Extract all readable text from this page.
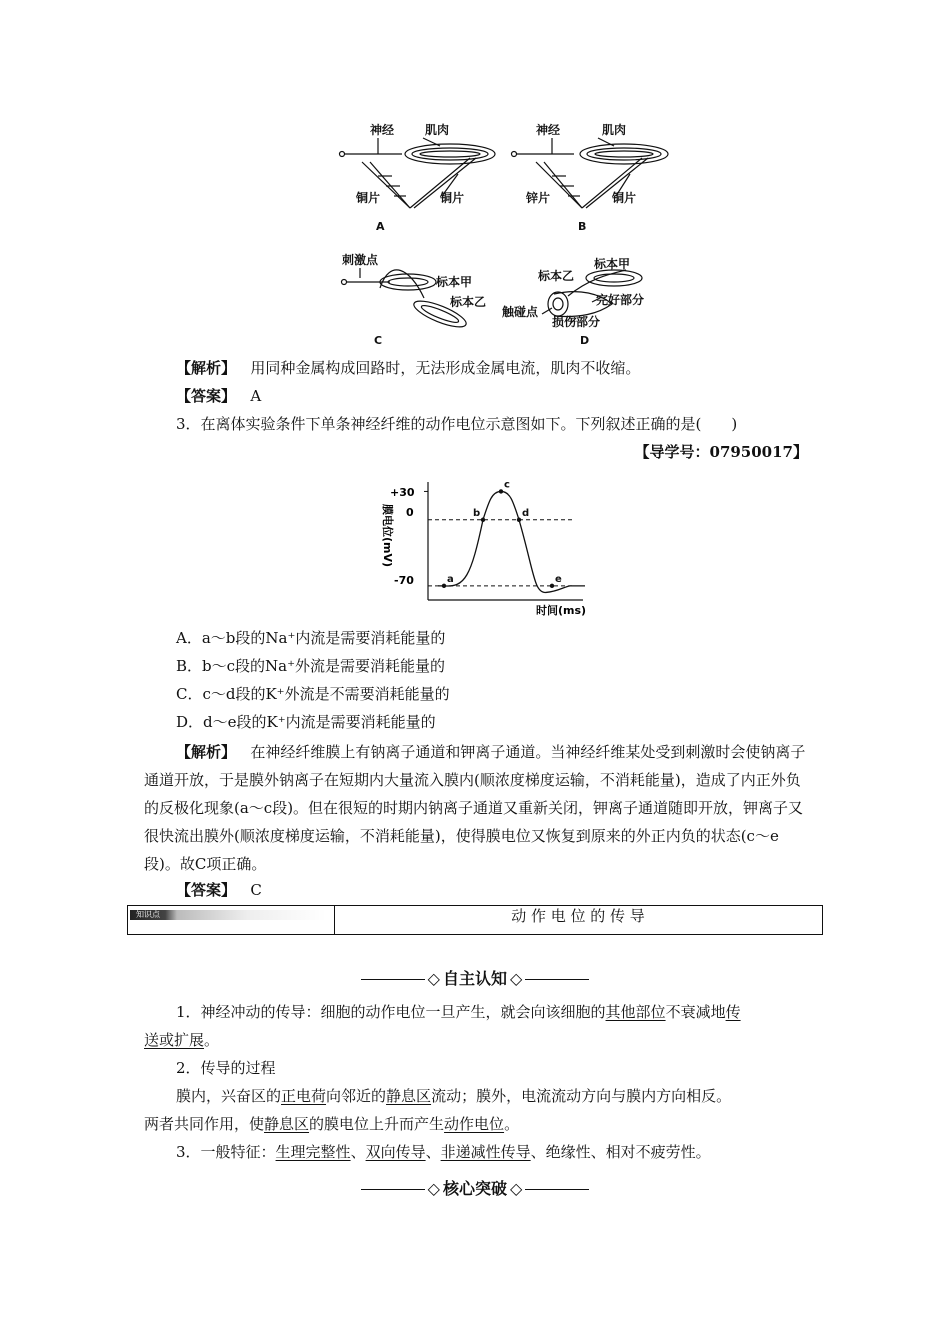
神经	肌肉
铜片	铜片
A
神经	肌肉
锌片	铜片
B
刺激点
标本甲
标本乙
C
标本乙
标本甲
完好部分
触碰点
损伤部分
D
【解析】 用同种金属构成回路时，无法形成金属电流，肌肉不收缩。
【答案】 A
3．在离体实验条件下单条神经纤维的动作电位示意图如下。下列叙述正确的是(　　)
【导学号：07950017】
a
b
c
d
e
+30
0
-70
膜电位(mV)
时间(ms)
A．a～b段的Na⁺内流是需要消耗能量的
B．b～c段的Na⁺外流是需要消耗能量的
C．c～d段的K⁺外流是不需要消耗能量的
D．d～e段的K⁺内流是需要消耗能量的
【解析】 在神经纤维膜上有钠离子通道和钾离子通道。当神经纤维某处受到刺激时会使钠离子通道开放，于是膜外钠离子在短期内大量流入膜内(顺浓度梯度运输，不消耗能量)，造成了内正外负的反极化现象(a～c段)。但在很短的时期内钠离子通道又重新关闭，钾离子通道随即开放，钾离子又很快流出膜外(顺浓度梯度运输，不消耗能量)，使得膜电位又恢复到原来的外正内负的状态(c～e段)。故C项正确。
【答案】 C
知识点	动 作 电 位 的 传 导
◇ 自主认知 ◇
1．神经冲动的传导：细胞的动作电位一旦产生，就会向该细胞的其他部位不衰减地传
送或扩展。
2．传导的过程
膜内，兴奋区的正电荷向邻近的静息区流动；膜外，电流流动方向与膜内方向相反。
两者共同作用，使静息区的膜电位上升而产生动作电位。
3．一般特征：生理完整性、双向传导、非递减性传导、绝缘性、相对不疲劳性。
◇ 核心突破 ◇
